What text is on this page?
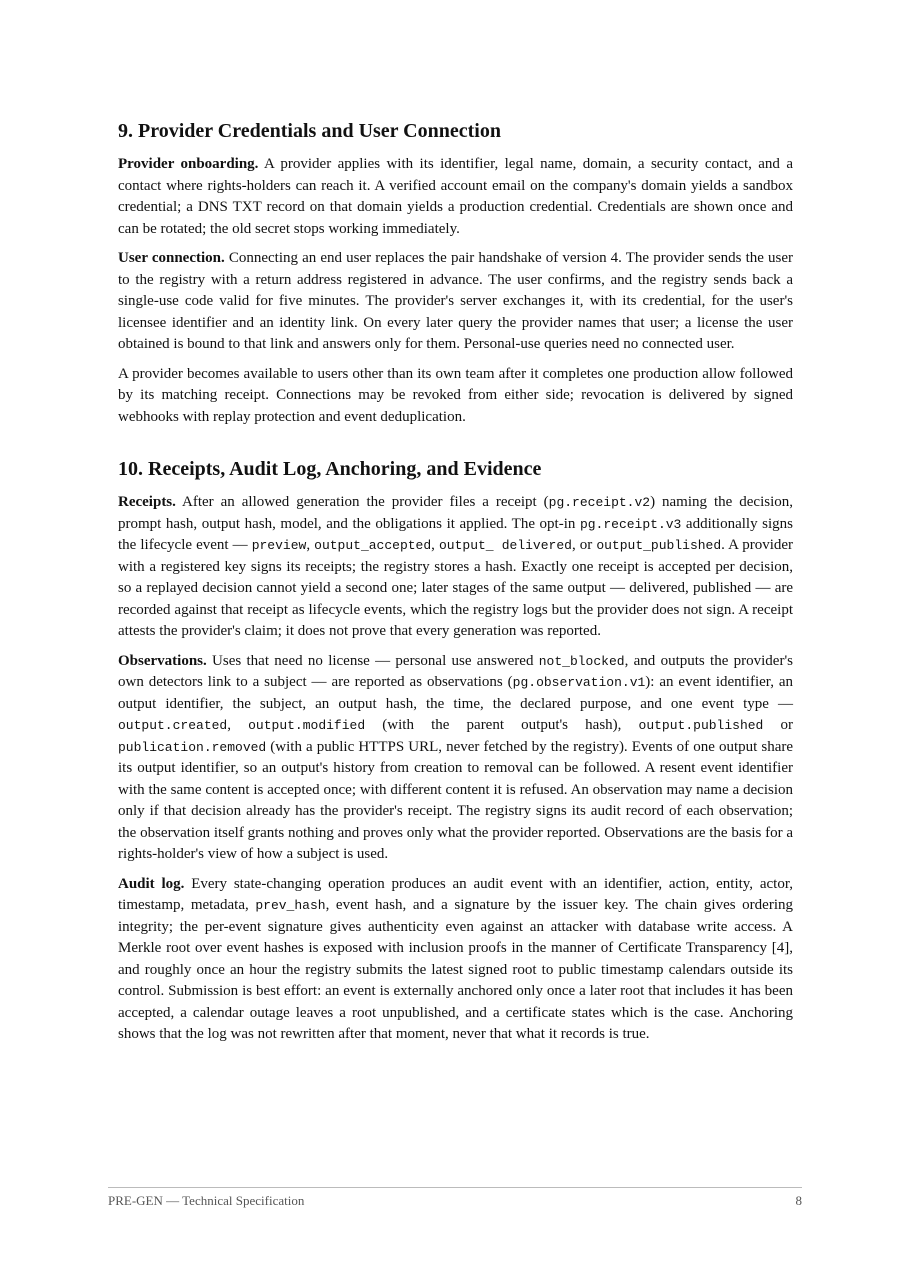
9. Provider Credentials and User Connection

Provider onboarding. A provider applies with its identifier, legal name, domain, a security contact, and a contact where rights-holders can reach it. A verified account email on the company's domain yields a sandbox credential; a DNS TXT record on that domain yields a production credential. Credentials are shown once and can be rotated; the old secret stops working immediately.

User connection. Connecting an end user replaces the pair handshake of version 4. The provider sends the user to the registry with a return address registered in advance. The user confirms, and the registry sends back a single-use code valid for five minutes. The provider's server exchanges it, with its credential, for the user's licensee identifier and an identity link. On every later query the provider names that user; a license the user obtained is bound to that link and answers only for them. Personal-use queries need no connected user.

A provider becomes available to users other than its own team after it completes one production allow followed by its matching receipt. Connections may be revoked from either side; revocation is delivered by signed webhooks with replay protection and event deduplication.

10. Receipts, Audit Log, Anchoring, and Evidence

Receipts. After an allowed generation the provider files a receipt (pg.receipt.v2) naming the decision, prompt hash, output hash, model, and the obligations it applied. The opt-in pg.receipt.v3 additionally signs the lifecycle event — preview, output_accepted, output_ delivered, or output_published. A provider with a registered key signs its receipts; the registry stores a hash. Exactly one receipt is accepted per decision, so a replayed decision cannot yield a second one; later stages of the same output — delivered, published — are recorded against that receipt as lifecycle events, which the registry logs but the provider does not sign. A receipt attests the provider's claim; it does not prove that every generation was reported.

Observations. Uses that need no license — personal use answered not_blocked, and outputs the provider's own detectors link to a subject — are reported as observations (pg.observation.v1): an event identifier, an output identifier, the subject, an output hash, the time, the declared purpose, and one event type — output.created, output.modified (with the parent output's hash), output.published or publication.removed (with a public HTTPS URL, never fetched by the registry). Events of one output share its output identifier, so an output's history from creation to removal can be followed. A resent event identifier with the same content is accepted once; with different content it is refused. An observation may name a decision only if that decision already has the provider's receipt. The registry signs its audit record of each observation; the observation itself grants nothing and proves only what the provider reported. Observations are the basis for a rights-holder's view of how a subject is used.

Audit log. Every state-changing operation produces an audit event with an identifier, action, entity, actor, timestamp, metadata, prev_hash, event hash, and a signature by the issuer key. The chain gives ordering integrity; the per-event signature gives authenticity even against an attacker with database write access. A Merkle root over event hashes is exposed with inclusion proofs in the manner of Certificate Transparency [4], and roughly once an hour the registry submits the latest signed root to public timestamp calendars outside its control. Submission is best effort: an event is externally anchored only once a later root that includes it has been accepted, a calendar outage leaves a root unpublished, and a certificate states which is the case. Anchoring shows that the log was not rewritten after that moment, never that what it records is true.

PRE-GEN — Technical Specification	8
